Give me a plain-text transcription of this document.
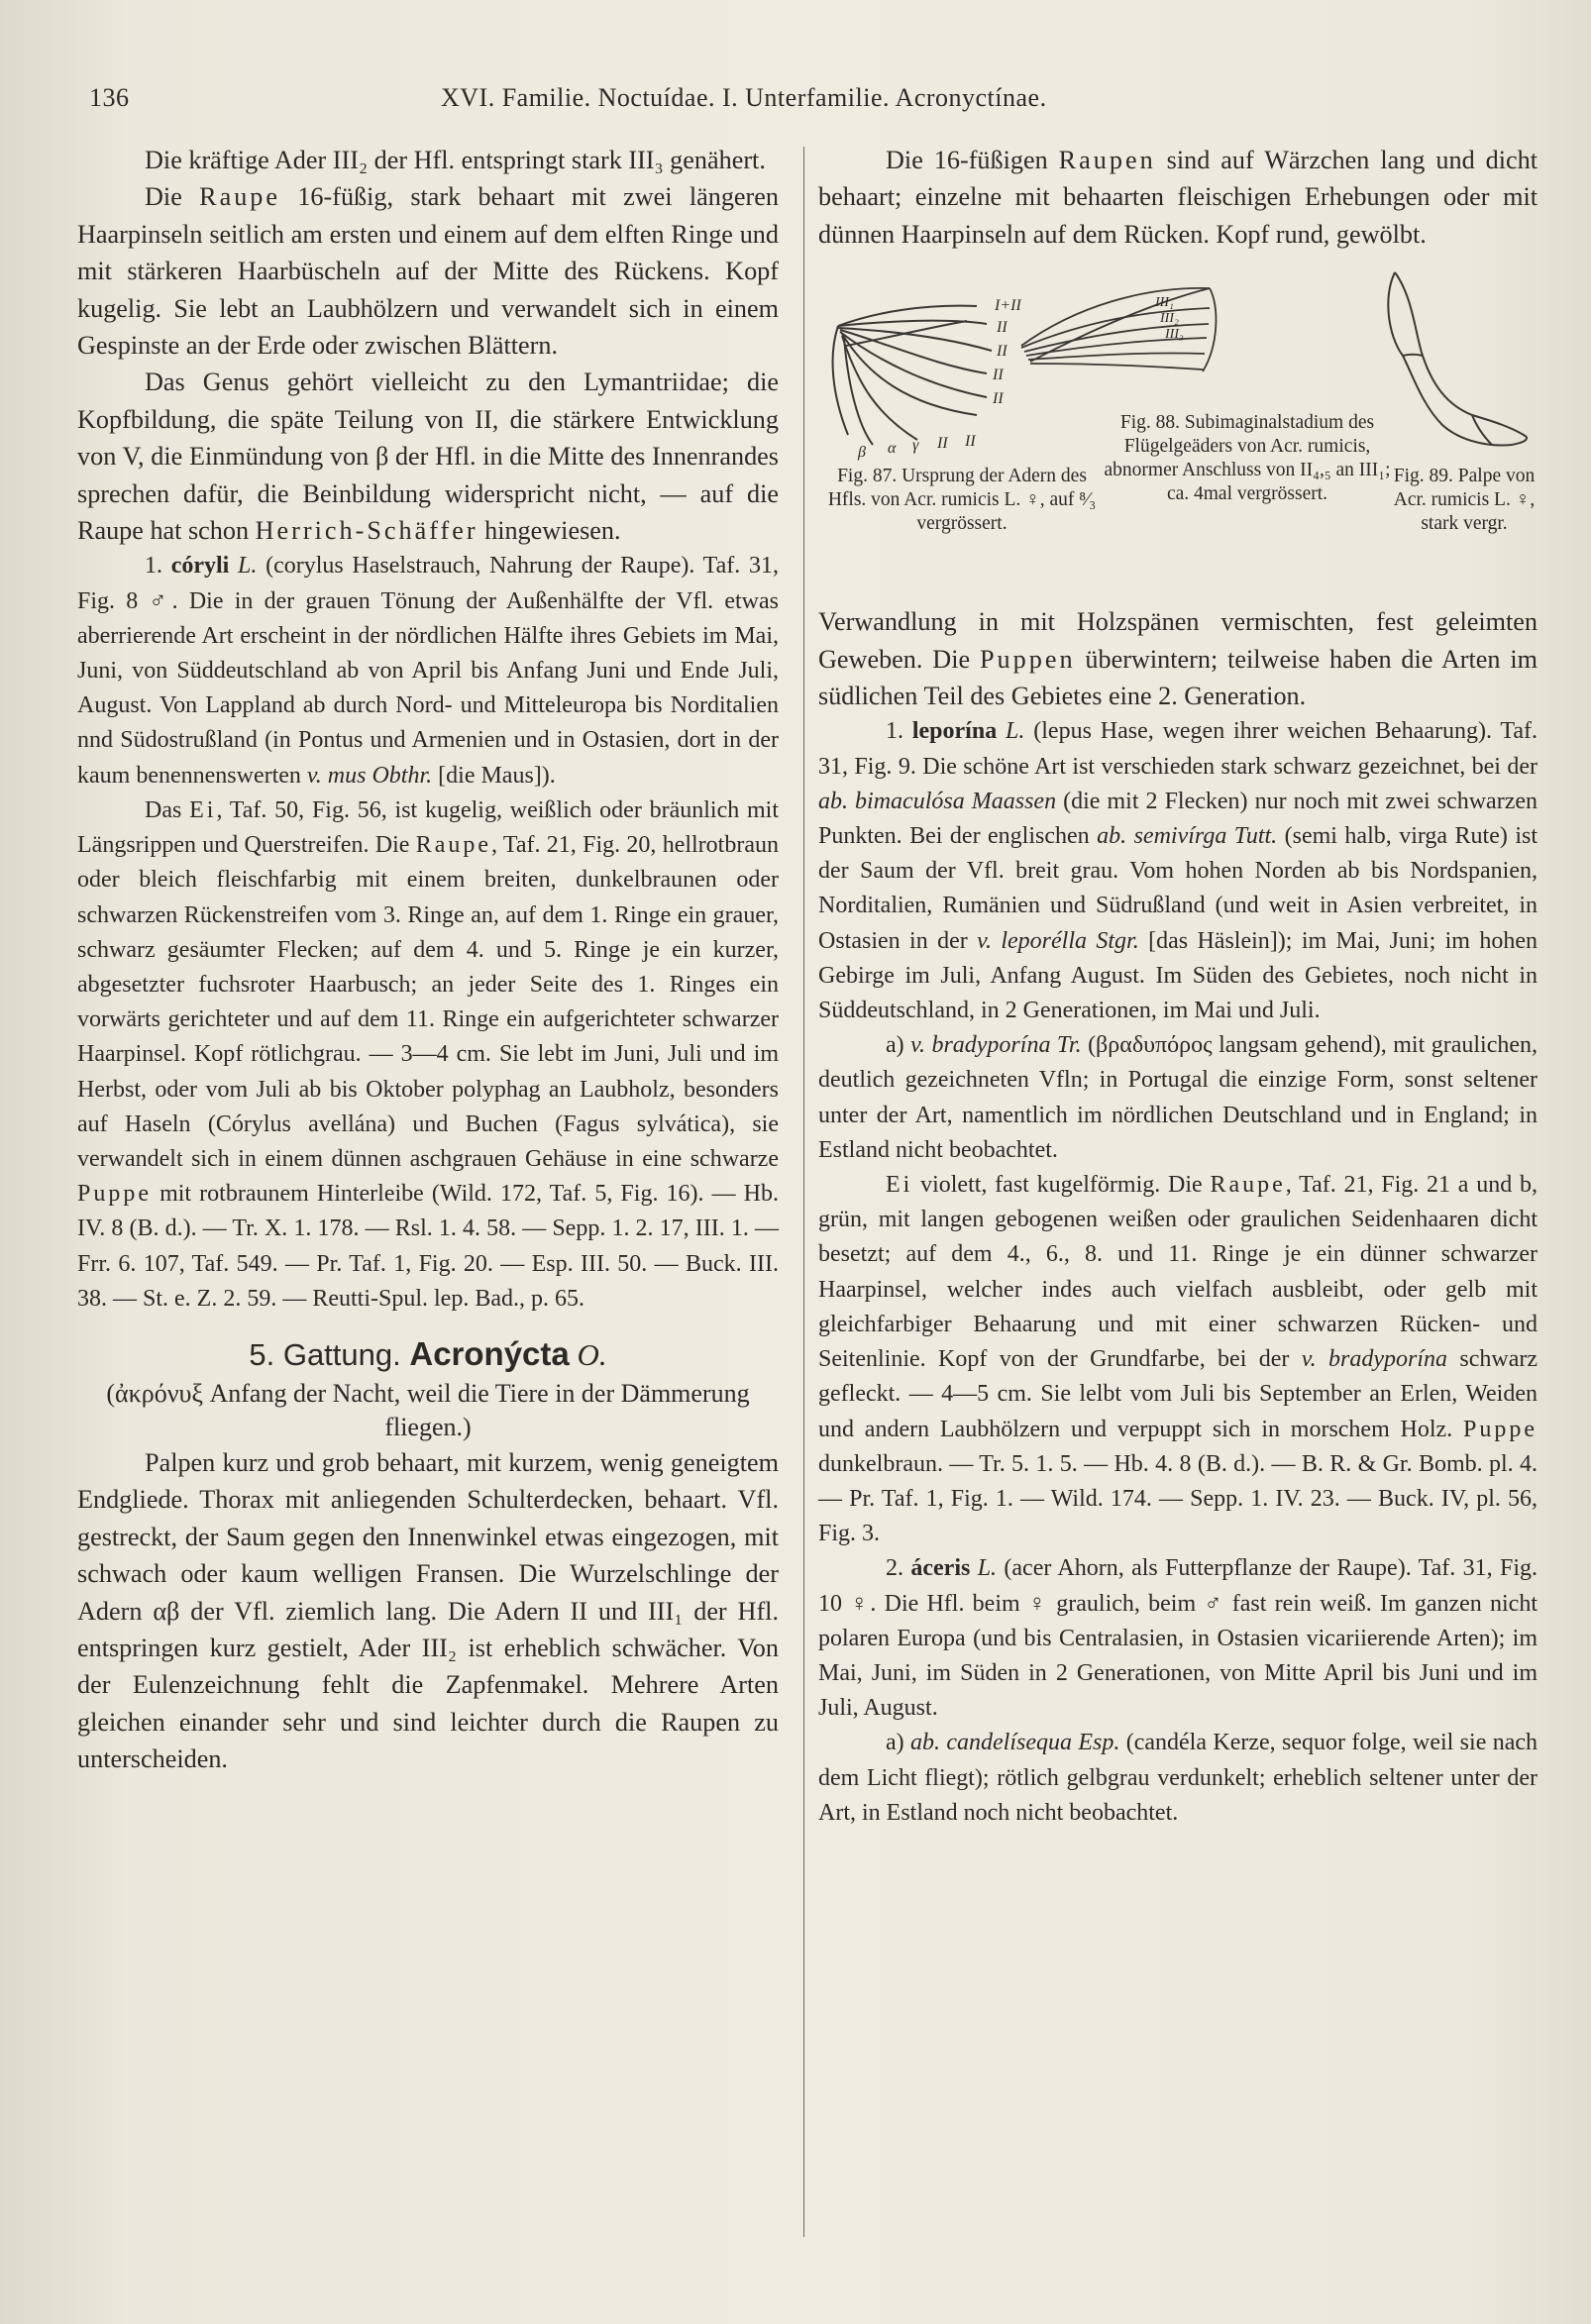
136	XVI. Familie. Noctuídae. I. Unterfamilie. Acronyctínae.

Die kräftige Ader III₂ der Hfl. entspringt stark III₃ genähert.

Die Raupe 16-füßig, stark behaart mit zwei längeren Haarpinseln seitlich am ersten und einem auf dem elften Ringe und mit stärkeren Haarbüscheln auf der Mitte des Rückens. Kopf kugelig. Sie lebt an Laubhölzern und verwandelt sich in einem Gespinste an der Erde oder zwischen Blättern.

Das Genus gehört vielleicht zu den Lymantriidae; die Kopfbildung, die späte Teilung von II, die stärkere Entwicklung von V, die Einmündung von β der Hfl. in die Mitte des Innenrandes sprechen dafür, die Beinbildung widerspricht nicht, — auf die Raupe hat schon Herrich-Schäffer hingewiesen.

1. córyli L. (corylus Haselstrauch, Nahrung der Raupe). Taf. 31, Fig. 8 ♂. Die in der grauen Tönung der Außenhälfte der Vfl. etwas aberrierende Art erscheint in der nördlichen Hälfte ihres Gebiets im Mai, Juni, von Süddeutschland ab von April bis Anfang Juni und Ende Juli, August. Von Lappland ab durch Nord- und Mitteleuropa bis Norditalien nnd Südostrußland (in Pontus und Armenien und in Ostasien, dort in der kaum benennenswerten v. mus Obthr. [die Maus]).

Das Ei, Taf. 50, Fig. 56, ist kugelig, weißlich oder bräunlich mit Längsrippen und Querstreifen. Die Raupe, Taf. 21, Fig. 20, hellrotbraun oder bleich fleischfarbig mit einem breiten, dunkelbraunen oder schwarzen Rückenstreifen vom 3. Ringe an, auf dem 1. Ringe ein grauer, schwarz gesäumter Flecken; auf dem 4. und 5. Ringe je ein kurzer, abgesetzter fuchsroter Haarbusch; an jeder Seite des 1. Ringes ein vorwärts gerichteter und auf dem 11. Ringe ein aufgerichteter schwarzer Haarpinsel. Kopf rötlichgrau. — 3—4 cm. Sie lebt im Juni, Juli und im Herbst, oder vom Juli ab bis Oktober polyphag an Laubholz, besonders auf Haseln (Córylus avellána) und Buchen (Fagus sylvática), sie verwandelt sich in einem dünnen aschgrauen Gehäuse in eine schwarze Puppe mit rotbraunem Hinterleibe (Wild. 172, Taf. 5, Fig. 16). — Hb. IV. 8 (B. d.). — Tr. X. 1. 178. — Rsl. 1. 4. 58. — Sepp. 1. 2. 17, III. 1. — Frr. 6. 107, Taf. 549. — Pr. Taf. 1, Fig. 20. — Esp. III. 50. — Buck. III. 38. — St. e. Z. 2. 59. — Reutti-Spul. lep. Bad., p. 65.

5. Gattung. Acronýcta O.

(ἀκρόνυξ Anfang der Nacht, weil die Tiere in der Dämmerung fliegen.)

Palpen kurz und grob behaart, mit kurzem, wenig geneigtem Endgliede. Thorax mit anliegenden Schulterdecken, behaart. Vfl. gestreckt, der Saum gegen den Innenwinkel etwas eingezogen, mit schwach oder kaum welligen Fransen. Die Wurzelschlinge der Adern αβ der Vfl. ziemlich lang. Die Adern II und III₁ der Hfl. entspringen kurz gestielt, Ader III₂ ist erheblich schwächer. Von der Eulenzeichnung fehlt die Zapfenmakel. Mehrere Arten gleichen einander sehr und sind leichter durch die Raupen zu unterscheiden.

Die 16-füßigen Raupen sind auf Wärzchen lang und dicht behaart; einzelne mit behaarten fleischigen Erhebungen oder mit dünnen Haarpinseln auf dem Rücken. Kopf rund, gewölbt.

I+II
II
II
II
II
β α γ II II
III₁
III₂
III₃
Fig. 87. Ursprung der Adern des Hfls. von Acr. rumicis L. ♀, auf ⁸⁄₃ vergrössert.
Fig. 88. Subimaginalstadium des Flügelgeäders von Acr. rumicis, abnormer Anschluss von II₄,₅ an III₁; ca. 4mal vergrössert.
Fig. 89. Palpe von Acr. rumicis L. ♀, stark vergr.

Verwandlung in mit Holzspänen vermischten, fest geleimten Geweben. Die Puppen überwintern; teilweise haben die Arten im südlichen Teil des Gebietes eine 2. Generation.

1. leporína L. (lepus Hase, wegen ihrer weichen Behaarung). Taf. 31, Fig. 9. Die schöne Art ist verschieden stark schwarz gezeichnet, bei der ab. bimaculósa Maassen (die mit 2 Flecken) nur noch mit zwei schwarzen Punkten. Bei der englischen ab. semivírga Tutt. (semi halb, virga Rute) ist der Saum der Vfl. breit grau. Vom hohen Norden ab bis Nordspanien, Norditalien, Rumänien und Südrußland (und weit in Asien verbreitet, in Ostasien in der v. leporélla Stgr. [das Häslein]); im Mai, Juni; im hohen Gebirge im Juli, Anfang August. Im Süden des Gebietes, noch nicht in Süddeutschland, in 2 Generationen, im Mai und Juli.

a) v. bradyporína Tr. (βραδυπόρος langsam gehend), mit graulichen, deutlich gezeichneten Vfln; in Portugal die einzige Form, sonst seltener unter der Art, namentlich im nördlichen Deutschland und in England; in Estland nicht beobachtet.

Ei violett, fast kugelförmig. Die Raupe, Taf. 21, Fig. 21 a und b, grün, mit langen gebogenen weißen oder graulichen Seidenhaaren dicht besetzt; auf dem 4., 6., 8. und 11. Ringe je ein dünner schwarzer Haarpinsel, welcher indes auch vielfach ausbleibt, oder gelb mit gleichfarbiger Behaarung und mit einer schwarzen Rücken- und Seitenlinie. Kopf von der Grundfarbe, bei der v. bradyporína schwarz gefleckt. — 4—5 cm. Sie lelbt vom Juli bis September an Erlen, Weiden und andern Laubhölzern und verpuppt sich in morschem Holz. Puppe dunkelbraun. — Tr. 5. 1. 5. — Hb. 4. 8 (B. d.). — B. R. & Gr. Bomb. pl. 4. — Pr. Taf. 1, Fig. 1. — Wild. 174. — Sepp. 1. IV. 23. — Buck. IV, pl. 56, Fig. 3.

2. áceris L. (acer Ahorn, als Futterpflanze der Raupe). Taf. 31, Fig. 10 ♀. Die Hfl. beim ♀ graulich, beim ♂ fast rein weiß. Im ganzen nicht polaren Europa (und bis Centralasien, in Ostasien vicariierende Arten); im Mai, Juni, im Süden in 2 Generationen, von Mitte April bis Juni und im Juli, August.

a) ab. candelísequa Esp. (candéla Kerze, sequor folge, weil sie nach dem Licht fliegt); rötlich gelbgrau verdunkelt; erheblich seltener unter der Art, in Estland noch nicht beobachtet.
